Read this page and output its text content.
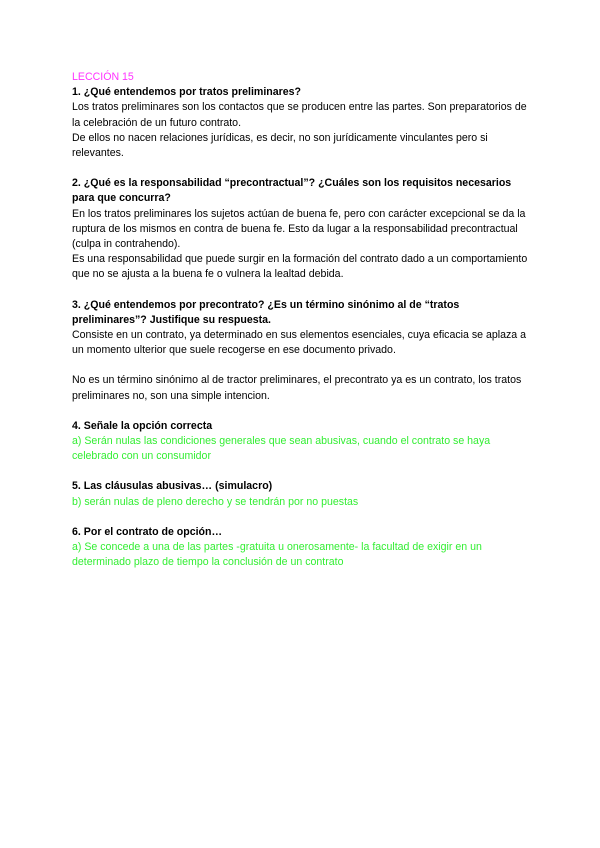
LECCIÓN 15

1. ¿Qué entendemos por tratos preliminares?

Los tratos preliminares son los contactos que se producen entre las partes. Son preparatorios de la celebración de un futuro contrato.

De ellos no nacen relaciones jurídicas, es decir, no son jurídicamente vinculantes pero si relevantes.

2. ¿Qué es la responsabilidad “precontractual”? ¿Cuáles son los requisitos necesarios para que concurra?

En los tratos preliminares los sujetos actúan de buena fe, pero con carácter excepcional se da la ruptura de los mismos en contra de buena fe. Esto da lugar a la responsabilidad precontractual (culpa in contrahendo).

Es una responsabilidad que puede surgir en la formación del contrato dado a un comportamiento que no se ajusta a la buena fe o vulnera la lealtad debida.

3. ¿Qué entendemos por precontrato? ¿Es un término sinónimo al de “tratos preliminares”? Justifique su respuesta.

Consiste en un contrato, ya determinado en sus elementos esenciales, cuya eficacia se aplaza a un momento ulterior que suele recogerse en ese documento privado.

No es un término sinónimo al de tractor preliminares, el precontrato ya es un contrato, los tratos preliminares no, son una simple intencion.

4. Señale la opción correcta

a) Serán nulas las condiciones generales que sean abusivas, cuando el contrato se haya celebrado con un consumidor

5. Las cláusulas abusivas… (simulacro)

b) serán nulas de pleno derecho y se tendrán por no puestas

6. Por el contrato de opción…

a) Se concede a una de las partes -gratuita u onerosamente- la facultad de exigir en un determinado plazo de tiempo la conclusión de un contrato
